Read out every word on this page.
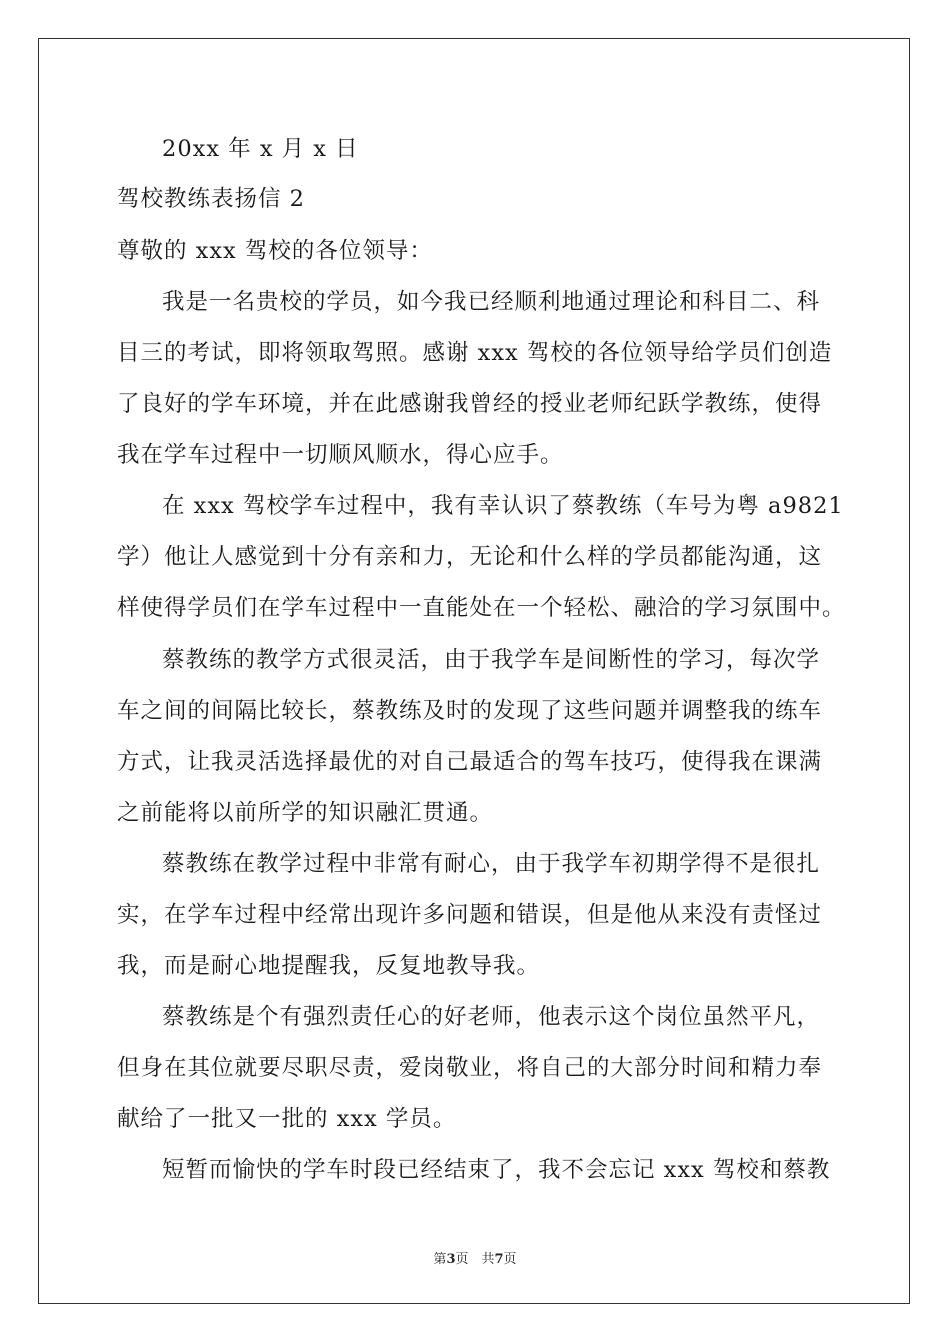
20xx 年 x 月 x 日
驾校教练表扬信 2
尊敬的 xxx 驾校的各位领导：
我是一名贵校的学员，如今我已经顺利地通过理论和科目二、科
目三的考试，即将领取驾照。感谢 xxx 驾校的各位领导给学员们创造
了良好的学车环境，并在此感谢我曾经的授业老师纪跃学教练，使得
我在学车过程中一切顺风顺水，得心应手。
在 xxx 驾校学车过程中，我有幸认识了蔡教练（车号为粤 a9821
学）他让人感觉到十分有亲和力，无论和什么样的学员都能沟通，这
样使得学员们在学车过程中一直能处在一个轻松、融洽的学习氛围中。
蔡教练的教学方式很灵活，由于我学车是间断性的学习，每次学
车之间的间隔比较长，蔡教练及时的发现了这些问题并调整我的练车
方式，让我灵活选择最优的对自己最适合的驾车技巧，使得我在课满
之前能将以前所学的知识融汇贯通。
蔡教练在教学过程中非常有耐心，由于我学车初期学得不是很扎
实，在学车过程中经常出现许多问题和错误，但是他从来没有责怪过
我，而是耐心地提醒我，反复地教导我。
蔡教练是个有强烈责任心的好老师，他表示这个岗位虽然平凡，
但身在其位就要尽职尽责，爱岗敬业，将自己的大部分时间和精力奉
献给了一批又一批的 xxx 学员。
短暂而愉快的学车时段已经结束了，我不会忘记 xxx 驾校和蔡教
第3页　共7页
